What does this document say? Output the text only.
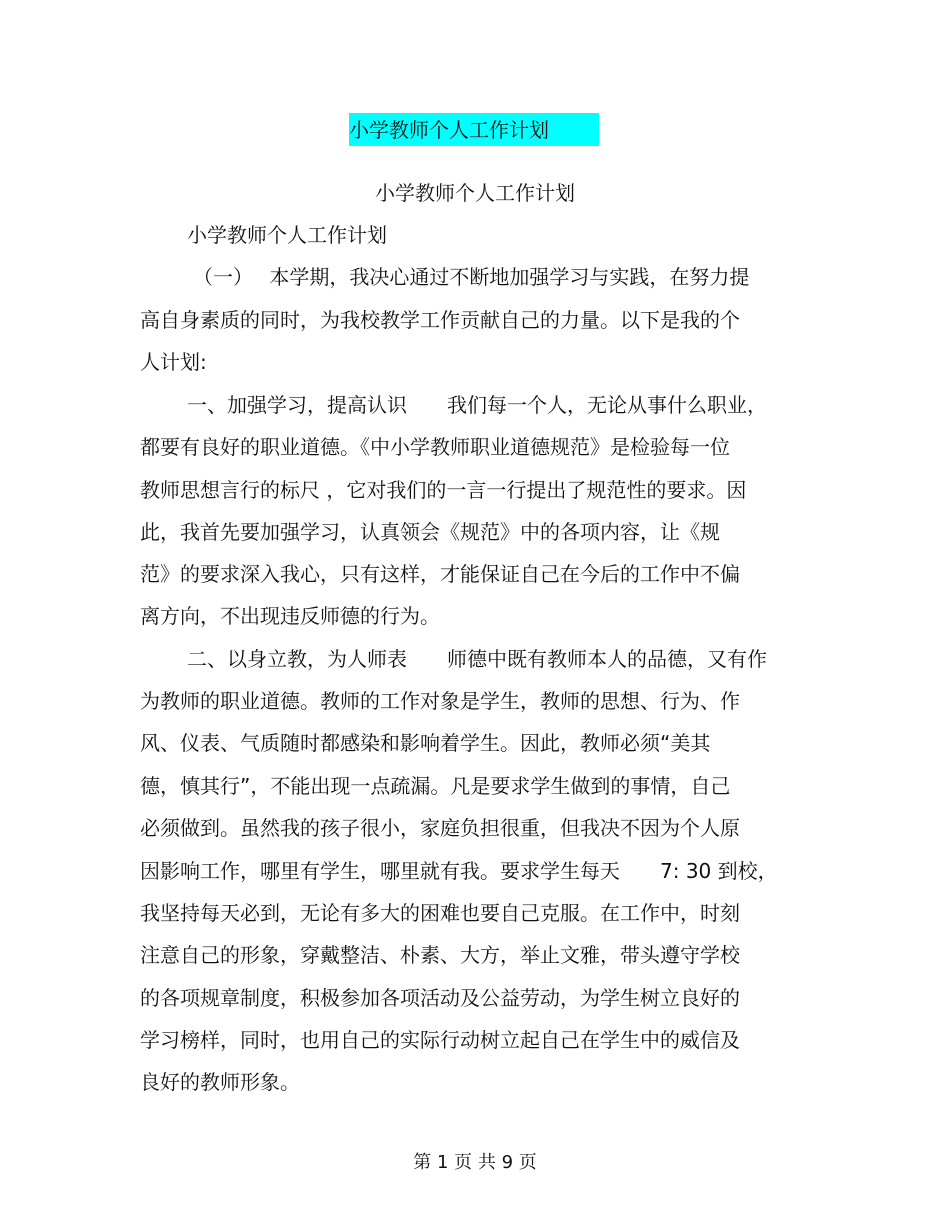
小学教师个人工作计划
小学教师个人工作计划
小学教师个人工作计划
（一）　 本学期，我决心通过不断地加强学习与实践，在努力提
高自身素质的同时，为我校教学工作贡献自己的力量。以下是我的个
人计划:
一、加强学习，提高认识　　我们每一个人，无论从事什么职业，
都要有良好的职业道德。《中小学教师职业道德规范》是检验每一位
教师思想言行的标尺 ，它对我们的一言一行提出了规范性的要求。因
此，我首先要加强学习，认真领会《规范》中的各项内容，让《规
范》的要求深入我心，只有这样，才能保证自己在今后的工作中不偏
离方向，不出现违反师德的行为。
二、以身立教，为人师表　　师德中既有教师本人的品德，又有作
为教师的职业道德。教师的工作对象是学生，教师的思想、行为、作
风、仪表、气质随时都感染和影响着学生。因此，教师必须“美其
德，慎其行”，不能出现一点疏漏。凡是要求学生做到的事情，自己
必须做到。虽然我的孩子很小，家庭负担很重，但我决不因为个人原
因影响工作，哪里有学生，哪里就有我。要求学生每天　　7: 30 到校，
我坚持每天必到，无论有多大的困难也要自己克服。在工作中，时刻
注意自己的形象，穿戴整洁、朴素、大方，举止文雅，带头遵守学校
的各项规章制度，积极参加各项活动及公益劳动，为学生树立良好的
学习榜样，同时，也用自己的实际行动树立起自己在学生中的威信及
良好的教师形象。
第 1 页 共 9 页
